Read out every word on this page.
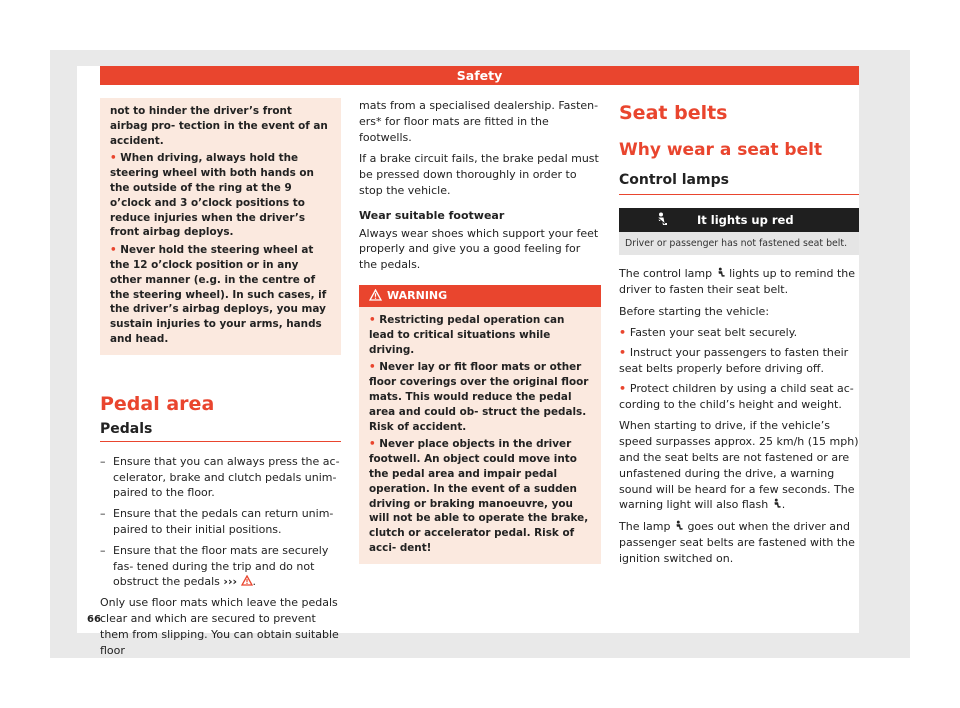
Safety

not to hinder the driver’s front airbag pro- tection in the event of an accident.

• When driving, always hold the steering wheel with both hands on the outside of the ring at the 9 o’clock and 3 o’clock positions to reduce injuries when the driver’s front airbag deploys.

• Never hold the steering wheel at the 12 o’clock position or in any other manner (e.g. in the centre of the steering wheel). In such cases, if the driver’s airbag deploys, you may sustain injuries to your arms, hands and head.

Pedal area
Pedals

– Ensure that you can always press the ac- celerator, brake and clutch pedals unim- paired to the floor.

– Ensure that the pedals can return unim- paired to their initial positions.

– Ensure that the floor mats are securely fas- tened during the trip and do not obstruct the pedals ››› .

Only use floor mats which leave the pedals clear and which are secured to prevent them from slipping. You can obtain suitable floor

mats from a specialised dealership. Fasten- ers* for floor mats are fitted in the footwells.

If a brake circuit fails, the brake pedal must be pressed down thoroughly in order to stop the vehicle.

Wear suitable footwear

Always wear shoes which support your feet properly and give you a good feeling for the pedals.

WARNING

• Restricting pedal operation can lead to critical situations while driving.

• Never lay or fit floor mats or other floor coverings over the original floor mats. This would reduce the pedal area and could ob- struct the pedals. Risk of accident.

• Never place objects in the driver footwell. An object could move into the pedal area and impair pedal operation. In the event of a sudden driving or braking manoeuvre, you will not be able to operate the brake, clutch or accelerator pedal. Risk of acci- dent!

Seat belts
Why wear a seat belt
Control lamps
It lights up red
Driver or passenger has not fastened seat belt.

The control lamp lights up to remind the driver to fasten their seat belt.

Before starting the vehicle:

• Fasten your seat belt securely.

• Instruct your passengers to fasten their seat belts properly before driving off.

• Protect children by using a child seat ac- cording to the child’s height and weight.

When starting to drive, if the vehicle’s speed surpasses approx. 25 km/h (15 mph) and the seat belts are not fastened or are unfastened during the drive, a warning sound will be heard for a few seconds. The warning light will also flash .

The lamp goes out when the driver and passenger seat belts are fastened with the ignition switched on.

66
